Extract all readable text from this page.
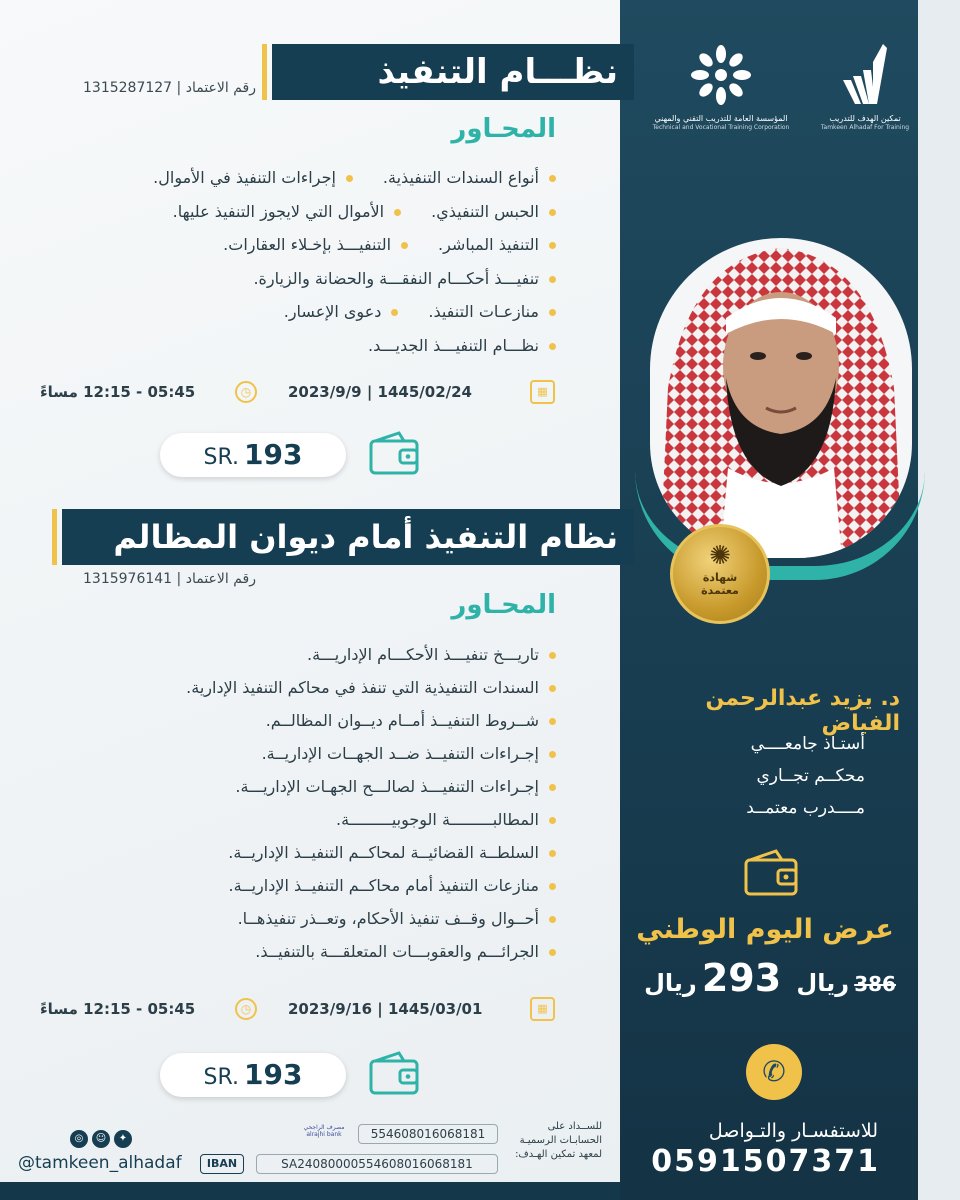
المؤسسة العامة للتدريب التقني والمهني
Technical and Vocational Training Corporation
تمكين الهدف للتدريب
Tamkeen Alhadaf For Training
✺
شهادة
معتمدة
د. يزيد عبدالرحمن الفياض
أستـاذ جامعــــي
محكــم تجــاري
مــــدرب معتمــد
عرض اليوم الوطني
386 ريال   293 ريال
✆
للاستفسـار والتـواصل
0591507371
نظـــام التنفيذ
رقم الاعتماد | 1315287127
المحـاور
أنواع السندات التنفيذية.إجراءات التنفيذ في الأموال.
الحبس التنفيذي.الأموال التي لايجوز التنفيذ عليها.
التنفيذ المباشر.التنفيـــذ بإخـلاء العقارات.
تنفيـــذ أحكـــام النفقـــة والحضانة والزيارة.
منازعـات التنفيذ.دعوى الإعسار.
نظـــام التنفيـــذ الجديـــد.
05:45 - 12:15 مساءً	◷	2023/9/9 | 1445/02/24	▦
SR. 193
نظام التنفيذ أمام ديوان المظالم
رقم الاعتماد | 1315976141
المحـاور
تاريـــخ تنفيـــذ الأحكـــام الإداريـــة.
السندات التنفيذية التي تنفذ في محاكم التنفيذ الإدارية.
شــروط التنفيــذ أمــام ديــوان المظالــم.
إجـراءات التنفيــذ ضــد الجهــات الإداريــة.
إجـراءات التنفيـــذ لصالـــح الجهـات الإداريـــة.
المطالبـــــــــة الوجوبيـــــــــة.
السلطــة القضائيــة لمحاكــم التنفيــذ الإداريــة.
منازعات التنفيذ أمام محاكــم التنفيــذ الإداريــة.
أحــوال وقــف تنفيذ الأحكام، وتعــذر تنفيذهــا.
الجرائـــم والعقوبـــات المتعلقـــة بالتنفيــذ.
05:45 - 12:15 مساءً	◷	2023/9/16 | 1445/03/01	▦
SR. 193
للســداد على
الحسابـات الرسميـة
لمعهد تمكين الهـدف:
554608016068181
مصرف الراجحي
alrajhi bank
SA24080000554608016068181
IBAN
◎ ☺ ✦
@tamkeen_alhadaf
